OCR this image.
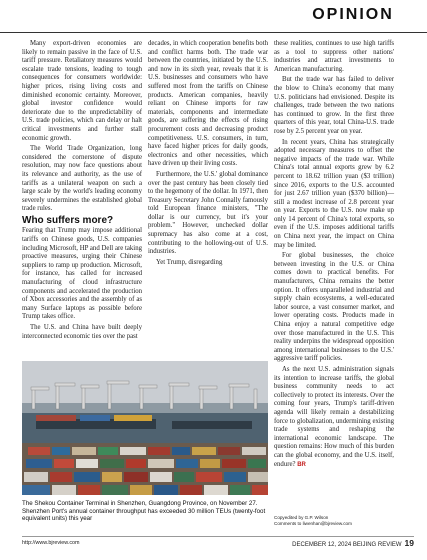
OPINION

Many export-driven economies are likely to remain passive in the face of U.S. tariff pressure. Retaliatory measures would escalate trade tensions, leading to tough consequences for consumers worldwide: higher prices, rising living costs and diminished economic certainty. Moreover, global investor confidence would deteriorate due to the unpredictability of U.S. trade policies, which can delay or halt critical investments and further stall economic growth.

The World Trade Organization, long considered the cornerstone of dispute resolution, may now face questions about its relevance and authority, as the use of tariffs as a unilateral weapon on such a large scale by the world's leading economy severely undermines the established global trade rules.

Who suffers more?

Fearing that Trump may impose additional tariffs on Chinese goods, U.S. companies including Microsoft, HP and Dell are taking proactive measures, urging their Chinese suppliers to ramp up production. Microsoft, for instance, has called for increased manufacturing of cloud infrastructure components and accelerated the production of Xbox accessories and the assembly of as many Surface laptops as possible before Trump takes office.

The U.S. and China have built deeply interconnected economic ties over the past

decades, in which cooperation benefits both and conflict harms both. The trade war between the countries, initiated by the U.S. and now in its sixth year, reveals that it is U.S. businesses and consumers who have suffered most from the tariffs on Chinese products. American companies, heavily reliant on Chinese imports for raw materials, components and intermediate goods, are suffering the effects of rising procurement costs and decreasing product competitiveness. U.S. consumers, in turn, have faced higher prices for daily goods, electronics and other necessities, which have driven up their living costs.

Furthermore, the U.S.' global dominance over the past century has been closely tied to the hegemony of the dollar. In 1971, then Treasury Secretary John Connally famously told European finance ministers, "The dollar is our currency, but it's your problem." However, unchecked dollar supremacy has also come at a cost, contributing to the hollowing-out of U.S. industries.

Yet Trump, disregarding

these realities, continues to use high tariffs as a tool to suppress other nations' industries and attract investments to American manufacturing.

But the trade war has failed to deliver the blow to China's economy that many U.S. politicians had envisioned. Despite its challenges, trade between the two nations has continued to grow. In the first three quarters of this year, total China-U.S. trade rose by 2.5 percent year on year.

In recent years, China has strategically adopted necessary measures to offset the negative impacts of the trade war. While China's total annual exports grew by 6.2 percent to 18.62 trillion yuan ($3 trillion) since 2016, exports to the U.S. accounted for just 2.67 trillion yuan ($370 billion)—still a modest increase of 2.8 percent year on year. Exports to the U.S. now make up only 14 percent of China's total exports, so even if the U.S. imposes additional tariffs on China next year, the impact on China may be limited.

For global businesses, the choice between investing in the U.S. or China comes down to practical benefits. For manufacturers, China remains the better option. It offers unparalleled industrial and supply chain ecosystems, a well-educated labor source, a vast consumer market, and lower operating costs. Products made in China enjoy a natural competitive edge over those manufactured in the U.S. This reality underpins the widespread opposition among international businesses to the U.S.' aggressive tariff policies.

As the next U.S. administration signals its intention to increase tariffs, the global business community needs to act collectively to protect its interests. Over the coming four years, Trump's tariff-driven agenda will likely remain a destabilizing force to globalization, undermining existing trade systems and reshaping the international economic landscape. The question remains: How much of this burden can the global economy, and the U.S. itself, endure? BR

The Shekou Container Terminal in Shenzhen, Guangdong Province, on November 27. Shenzhen Port's annual container throughput has exceeded 30 million TEUs (twenty-foot equivalent units) this year	Copyedited by G.P. Wilson
Comments to liwenhan@bjreview.com
http://www.bjreview.com	DECEMBER 12, 2024 BEIJING REVIEW 19
